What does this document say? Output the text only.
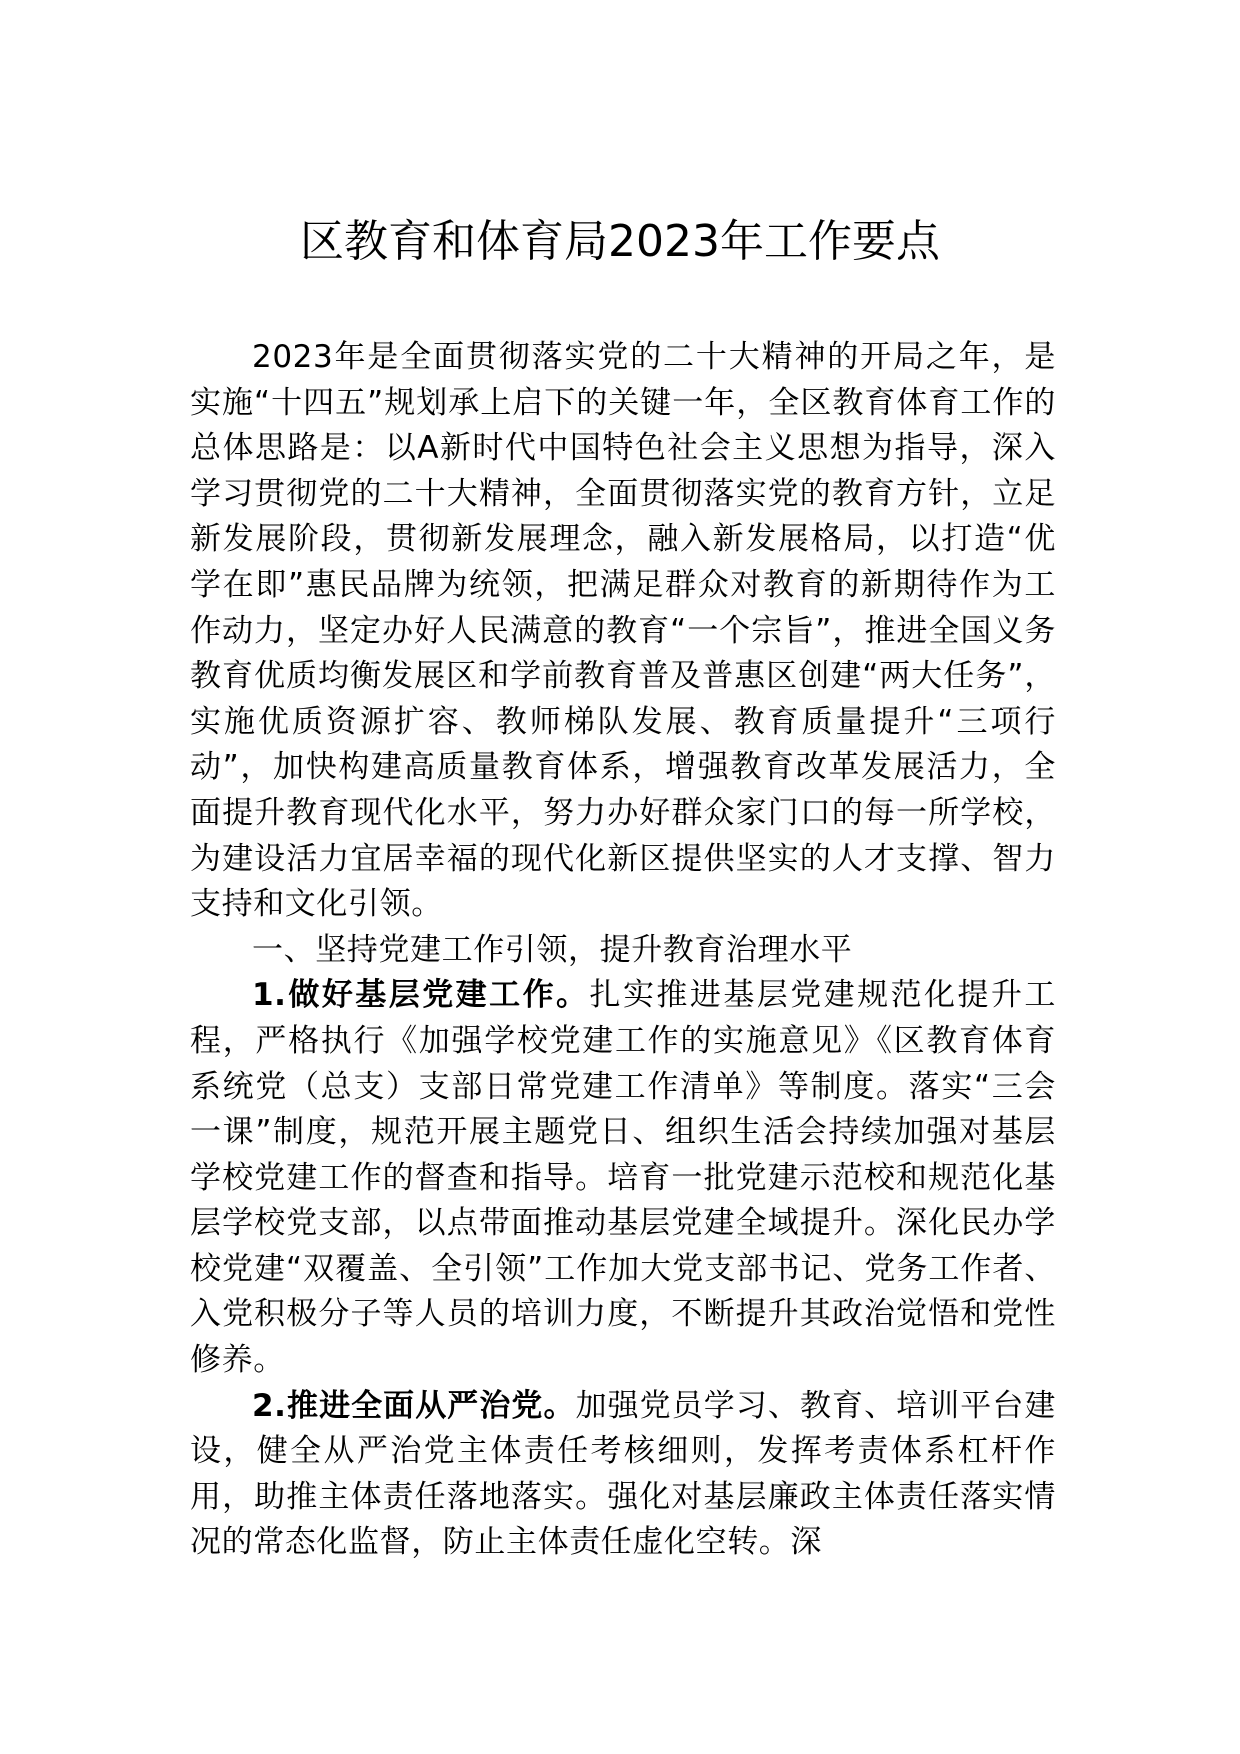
区教育和体育局2023年工作要点

2023年是全面贯彻落实党的二十大精神的开局之年，是实施“十四五”规划承上启下的关键一年，全区教育体育工作的总体思路是：以A新时代中国特色社会主义思想为指导，深入学习贯彻党的二十大精神，全面贯彻落实党的教育方针，立足新发展阶段，贯彻新发展理念，融入新发展格局，以打造“优学在即”惠民品牌为统领，把满足群众对教育的新期待作为工作动力，坚定办好人民满意的教育“一个宗旨”，推进全国义务教育优质均衡发展区和学前教育普及普惠区创建“两大任务”，实施优质资源扩容、教师梯队发展、教育质量提升“三项行动”，加快构建高质量教育体系，增强教育改革发展活力，全面提升教育现代化水平，努力办好群众家门口的每一所学校，为建设活力宜居幸福的现代化新区提供坚实的人才支撑、智力支持和文化引领。

一、坚持党建工作引领，提升教育治理水平

1.做好基层党建工作。扎实推进基层党建规范化提升工程，严格执行《加强学校党建工作的实施意见》《区教育体育系统党（总支）支部日常党建工作清单》等制度。落实“三会一课”制度，规范开展主题党日、组织生活会持续加强对基层学校党建工作的督查和指导。培育一批党建示范校和规范化基层学校党支部，以点带面推动基层党建全域提升。深化民办学校党建“双覆盖、全引领”工作加大党支部书记、党务工作者、入党积极分子等人员的培训力度，不断提升其政治觉悟和党性修养。

2.推进全面从严治党。加强党员学习、教育、培训平台建设，健全从严治党主体责任考核细则，发挥考责体系杠杆作用，助推主体责任落地落实。强化对基层廉政主体责任落实情况的常态化监督，防止主体责任虚化空转。深
